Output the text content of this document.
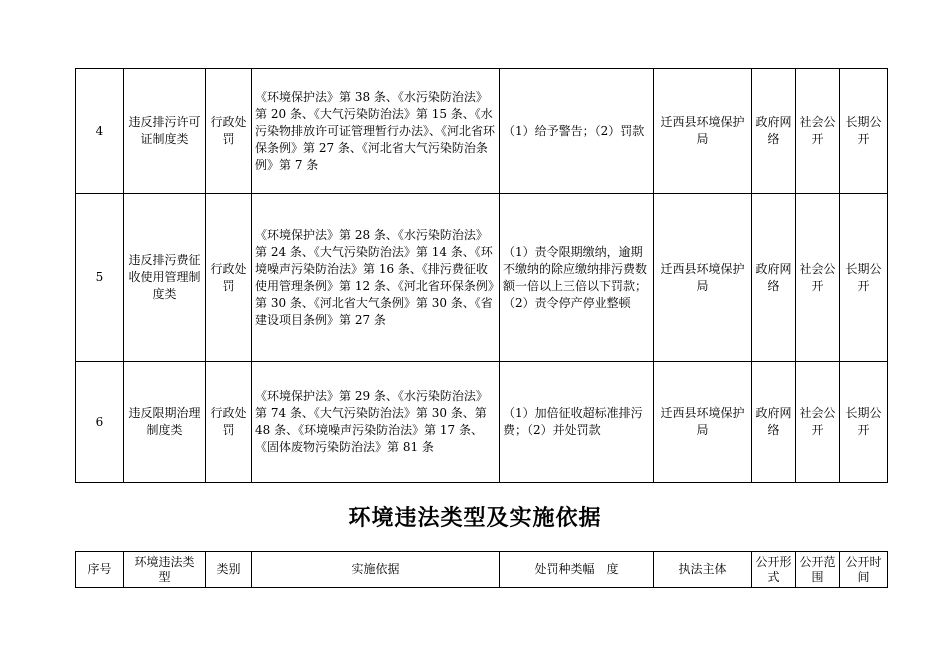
4	违反排污许可证制度类	行政处罚	《环境保护法》第 38 条、《水污染防治法》第 20 条、《大气污染防治法》第 15 条、《水污染物排放许可证管理暂行办法》、《河北省环保条例》第 27 条、《河北省大气污染防治条例》第 7 条	（1）给予警告；（2）罚款	迁西县环境保护局	政府网络	社会公开	长期公开
5	违反排污费征收使用管理制度类	行政处罚	《环境保护法》第 28 条、《水污染防治法》第 24 条、《大气污染防治法》第 14 条、《环境噪声污染防治法》第 16 条、《排污费征收使用管理条例》第 12 条、《河北省环保条例》第 30 条、《河北省大气条例》第 30 条、《省建设项目条例》第 27 条	（1）责令限期缴纳，逾期不缴纳的除应缴纳排污费数额一倍以上三倍以下罚款；（2）责令停产停业整顿	迁西县环境保护局	政府网络	社会公开	长期公开
6	违反限期治理制度类	行政处罚	《环境保护法》第 29 条、《水污染防治法》第 74 条、《大气污染防治法》第 30 条、第 48 条、《环境噪声污染防治法》第 17 条、《固体废物污染防治法》第 81 条	（1）加倍征收超标准排污费；（2）并处罚款	迁西县环境保护局	政府网络	社会公开	长期公开
环境违法类型及实施依据
序号	环境违法类　型	类别	实施依据	处罚种类幅　度	执法主体	公开形式	公开范围	公开时间
